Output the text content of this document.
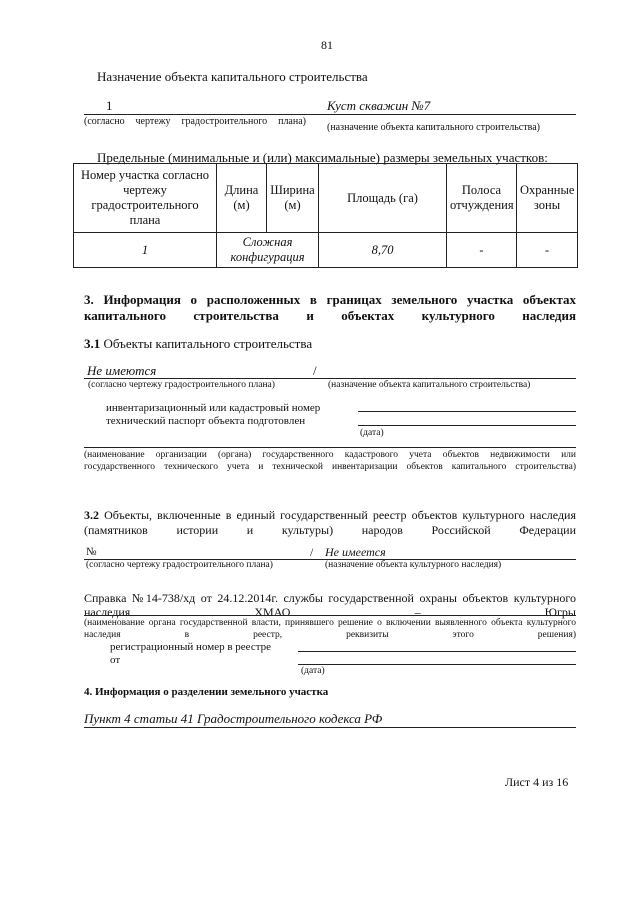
81
Назначение объекта капитального строительства
1	Куст скважин №7
(согласно чертежу градостроительного плана)
(назначение объекта капитального строительства)
Предельные (минимальные и (или) максимальные) размеры земельных участков:
Номер участка согласно чертежу градостроительного плана	Длина (м)	Ширина (м)	Площадь (га)	Полоса отчуждения	Охранные зоны
1	Сложная конфигурация		8,70	-	-
3. Информация о расположенных в границах земельного участка объектах капитального строительства и объектах культурного наследия
3.1 Объекты капитального строительства
Не имеются	/
(согласно чертежу градостроительного плана)	(назначение объекта капитального строительства)
инвентаризационный или кадастровый номер
технический паспорт объекта подготовлен
(дата)
(наименование организации (органа) государственного кадастрового учета объектов недвижимости или государственного технического учета и технической инвентаризации объектов капитального строительства)
3.2 Объекты, включенные в единый государственный реестр объектов культурного наследия (памятников истории и культуры) народов Российской Федерации
№	/ Не имеется
(согласно чертежу градостроительного плана)	(назначение объекта культурного наследия)
Справка №14-738/хд от 24.12.2014г. службы государственной охраны объектов культурного наследия ХМАО – Югры
(наименование органа государственной власти, принявшего решение о включении выявленного объекта культурного наследия в реестр, реквизиты этого решения)
регистрационный номер в реестре
от
(дата)
4. Информация о разделении земельного участка
Пункт 4 статьи 41 Градостроительного кодекса РФ
Лист 4 из 16
